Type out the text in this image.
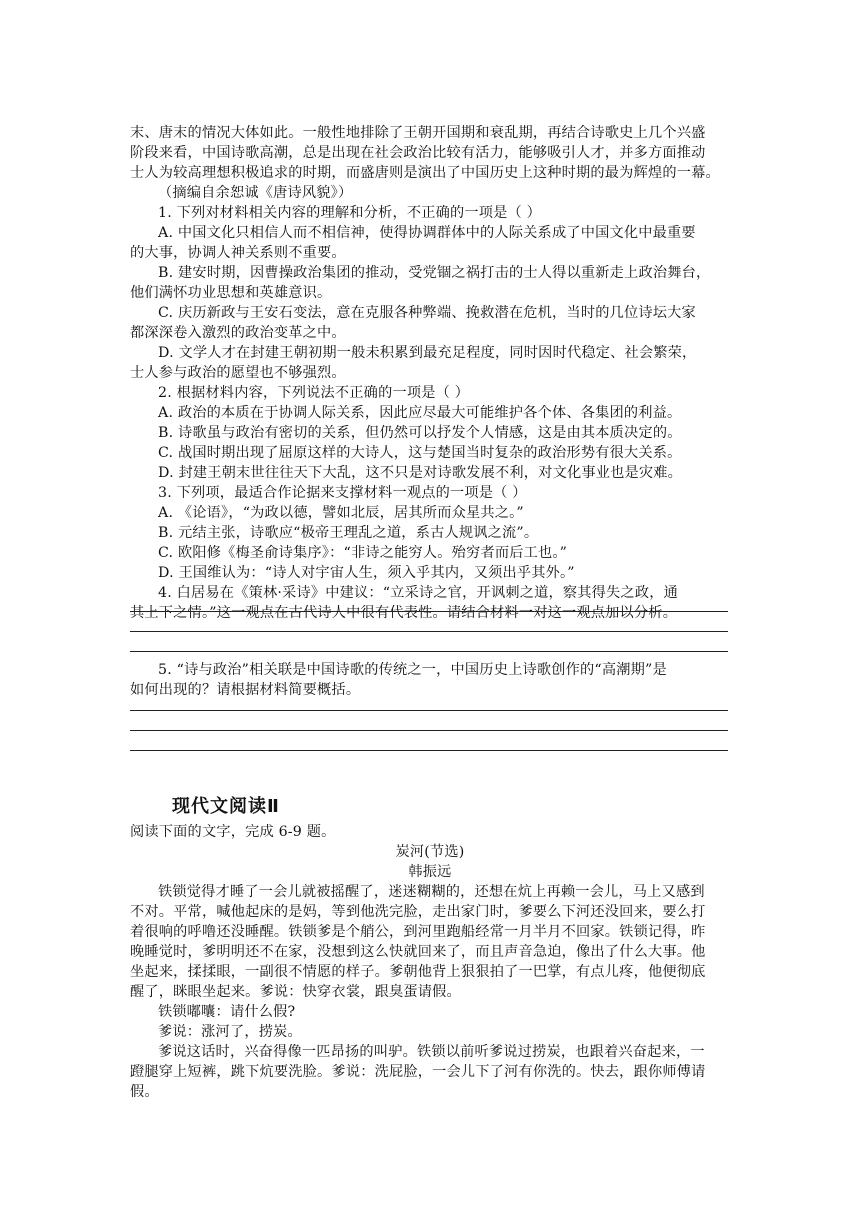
末、唐末的情况大体如此。一般性地排除了王朝开国期和衰乱期，再结合诗歌史上几个兴盛
阶段来看，中国诗歌高潮，总是出现在社会政治比较有活力，能够吸引人才，并多方面推动
士人为较高理想积极追求的时期，而盛唐则是演出了中国历史上这种时期的最为辉煌的一幕。
（摘编自余恕诚《唐诗风貌》）
1. 下列对材料相关内容的理解和分析，不正确的一项是（ ）
A. 中国文化只相信人而不相信神，使得协调群体中的人际关系成了中国文化中最重要
的大事，协调人神关系则不重要。
B. 建安时期，因曹操政治集团的推动，受党锢之祸打击的士人得以重新走上政治舞台，
他们满怀功业思想和英雄意识。
C. 庆历新政与王安石变法，意在克服各种弊端、挽救潜在危机，当时的几位诗坛大家
都深深卷入激烈的政治变革之中。
D. 文学人才在封建王朝初期一般未积累到最充足程度，同时因时代稳定、社会繁荣，
士人参与政治的愿望也不够强烈。
2. 根据材料内容，下列说法不正确的一项是（ ）
A. 政治的本质在于协调人际关系，因此应尽最大可能维护各个体、各集团的利益。
B. 诗歌虽与政治有密切的关系，但仍然可以抒发个人情感，这是由其本质决定的。
C. 战国时期出现了屈原这样的大诗人，这与楚国当时复杂的政治形势有很大关系。
D. 封建王朝末世往往天下大乱，这不只是对诗歌发展不利，对文化事业也是灾难。
3. 下列项，最适合作论据来支撑材料一观点的一项是（ ）
A. 《论语》，“为政以德，譬如北辰，居其所而众星共之。”
B. 元结主张，诗歌应“极帝王理乱之道，系古人规讽之流”。
C. 欧阳修《梅圣俞诗集序》：“非诗之能穷人。殆穷者而后工也。”
D. 王国维认为：“诗人对宇宙人生，须入乎其内，又须出乎其外。”
4. 白居易在《策林·采诗》中建议：“立采诗之官，开讽刺之道，察其得失之政，通
其上下之情。”这一观点在古代诗人中很有代表性。请结合材料一对这一观点加以分析。
5. “诗与政治”相关联是中国诗歌的传统之一，中国历史上诗歌创作的“高潮期”是
如何出现的？请根据材料简要概括。
现代文阅读Ⅱ
阅读下面的文字，完成 6-9 题。
炭河(节选)
韩振远
铁锁觉得才睡了一会儿就被摇醒了，迷迷糊糊的，还想在炕上再赖一会儿，马上又感到
不对。平常，喊他起床的是妈，等到他洗完脸，走出家门时，爹要么下河还没回来，要么打
着很响的呼噜还没睡醒。铁锁爹是个艄公，到河里跑船经常一月半月不回家。铁锁记得，昨
晚睡觉时，爹明明还不在家，没想到这么快就回来了，而且声音急迫，像出了什么大事。他
坐起来，揉揉眼，一副很不情愿的样子。爹朝他背上狠狠拍了一巴掌，有点儿疼，他便彻底
醒了，眯眼坐起来。爹说：快穿衣裳，跟臭蛋请假。
铁锁嘟囔：请什么假?
爹说：涨河了，捞炭。
爹说这话时，兴奋得像一匹昂扬的叫驴。铁锁以前听爹说过捞炭，也跟着兴奋起来，一
蹬腿穿上短裤，跳下炕要洗脸。爹说：洗屁脸，一会儿下了河有你洗的。快去，跟你师傅请
假。
